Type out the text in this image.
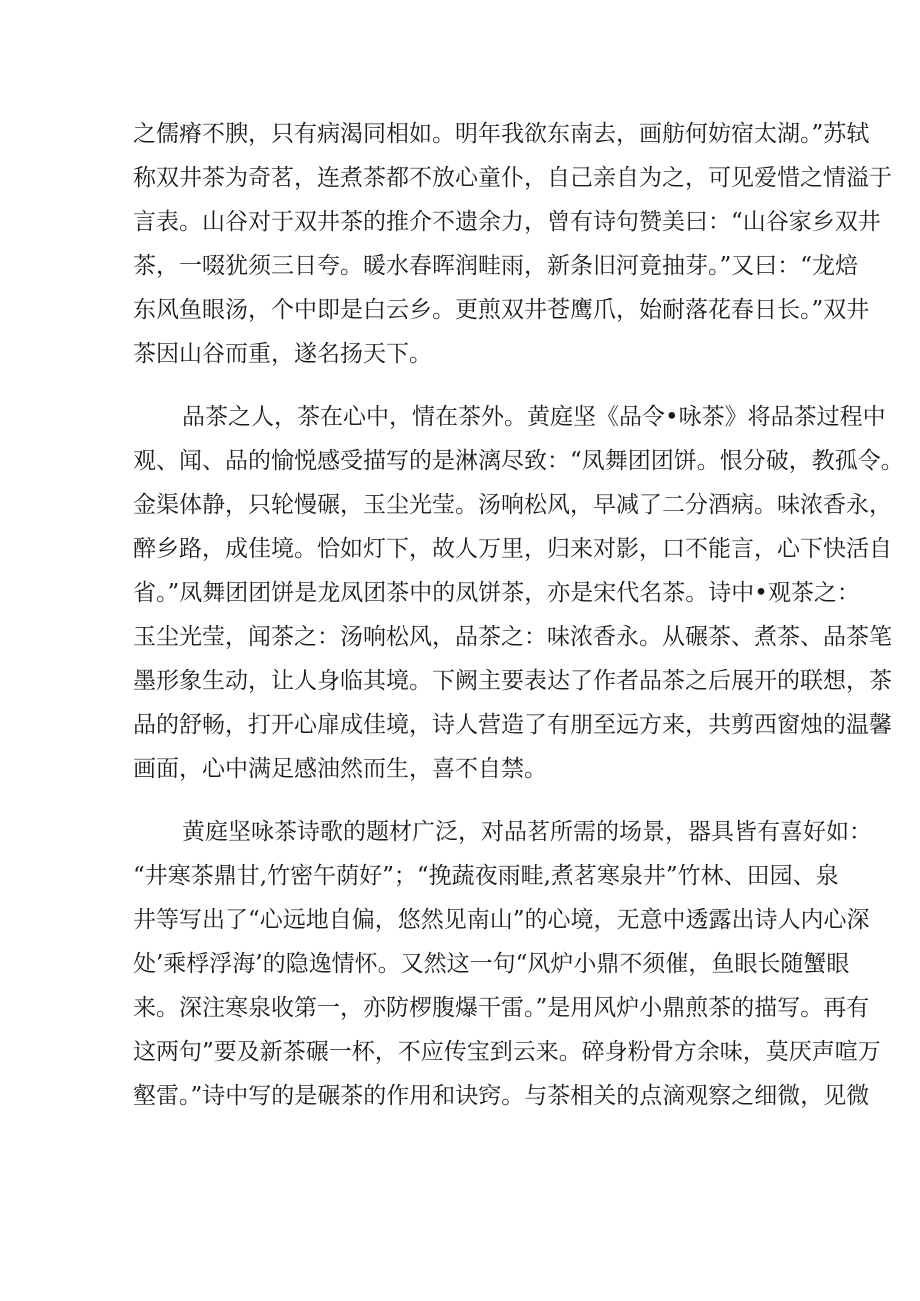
之儒瘠不腴，只有病渴同相如。明年我欲东南去，画舫何妨宿太湖。”苏轼
称双井茶为奇茗，连煮茶都不放心童仆，自己亲自为之，可见爱惜之情溢于
言表。山谷对于双井茶的推介不遗余力，曾有诗句赞美曰：“山谷家乡双井
茶，一啜犹须三日夸。暖水春晖润畦雨，新条旧河竟抽芽。”又曰：“龙焙
东风鱼眼汤，个中即是白云乡。更煎双井苍鹰爪，始耐落花春日长。”双井
茶因山谷而重，遂名扬天下。
品茶之人，茶在心中，情在茶外。黄庭坚《品令•咏茶》将品茶过程中
观、闻、品的愉悦感受描写的是淋漓尽致：“凤舞团团饼。恨分破，教孤令。
金渠体静，只轮慢碾，玉尘光莹。汤响松风，早减了二分酒病。味浓香永，
醉乡路，成佳境。恰如灯下，故人万里，归来对影，口不能言，心下快活自
省。”凤舞团团饼是龙凤团茶中的凤饼茶，亦是宋代名茶。诗中•观茶之：
玉尘光莹，闻茶之：汤响松风，品茶之：味浓香永。从碾茶、煮茶、品茶笔
墨形象生动，让人身临其境。下阙主要表达了作者品茶之后展开的联想，茶
品的舒畅，打开心扉成佳境，诗人营造了有朋至远方来，共剪西窗烛的温馨
画面，心中满足感油然而生，喜不自禁。
黄庭坚咏茶诗歌的题材广泛，对品茗所需的场景，器具皆有喜好如：
“井寒茶鼎甘,竹密午荫好”；“挽蔬夜雨畦,煮茗寒泉井”竹林、田园、泉
井等写出了“心远地自偏，悠然见南山”的心境，无意中透露出诗人内心深
处’乘桴浮海’的隐逸情怀。又然这一句“风炉小鼎不须催，鱼眼长随蟹眼
来。深注寒泉收第一，亦防椤腹爆干雷。”是用风炉小鼎煎茶的描写。再有
这两句”要及新茶碾一杯，不应传宝到云来。碎身粉骨方余味，莫厌声喧万
壑雷。”诗中写的是碾茶的作用和诀窍。与茶相关的点滴观察之细微，见微
